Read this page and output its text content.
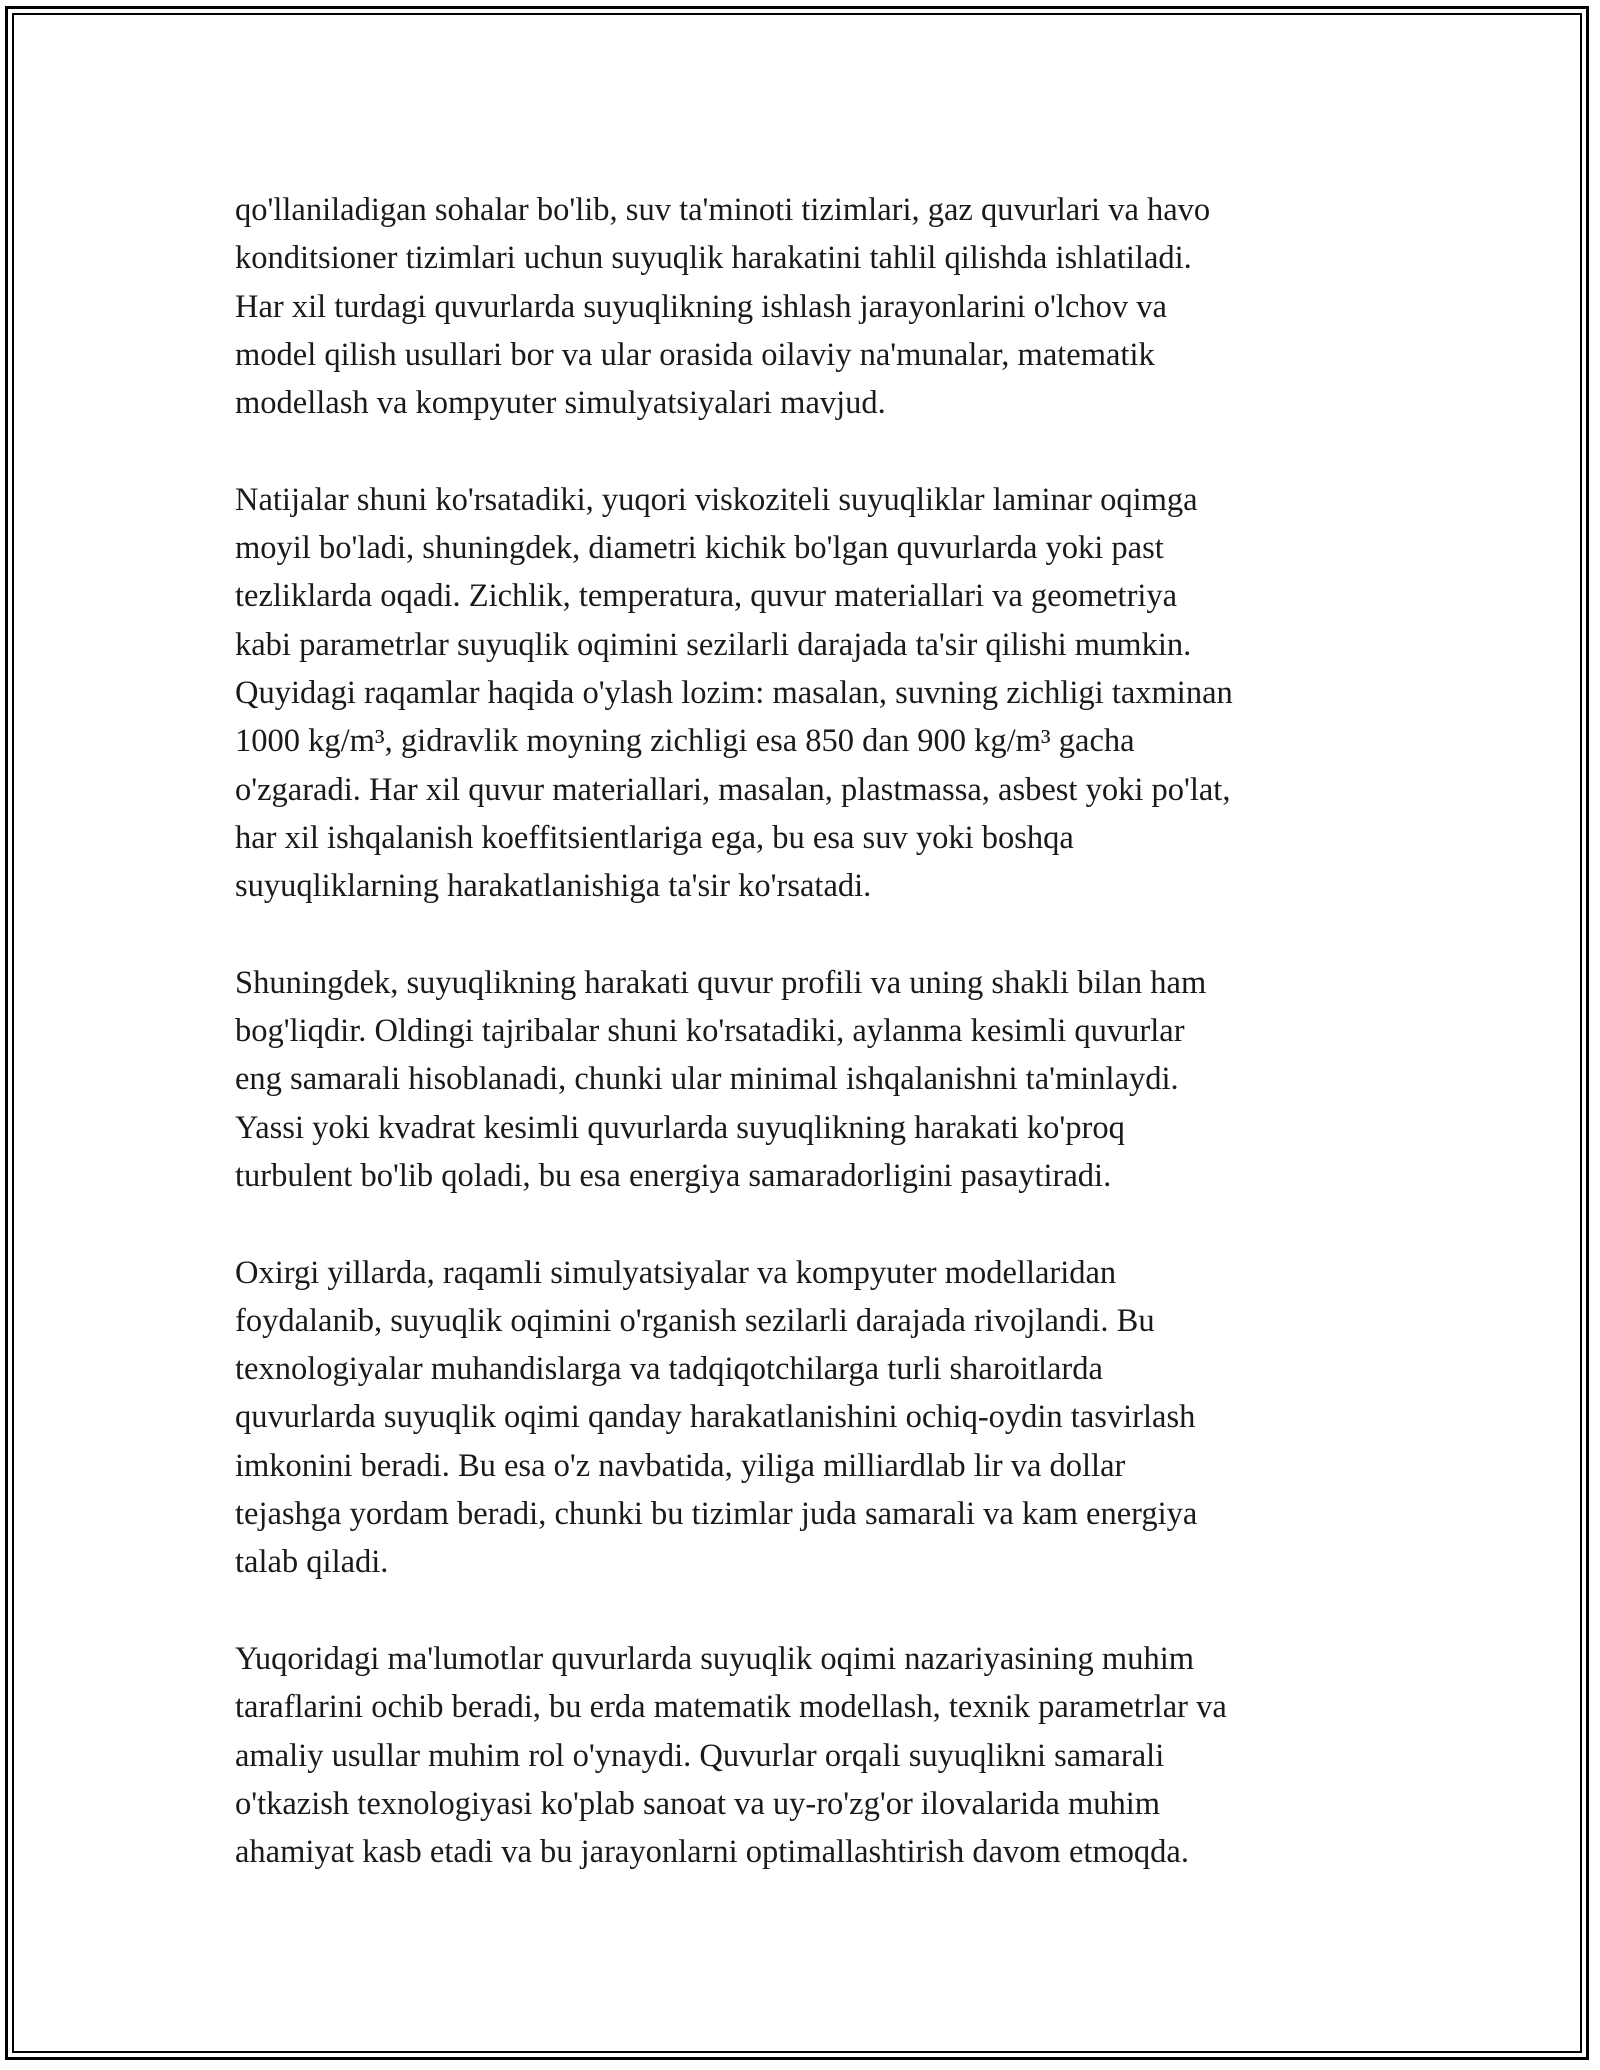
qo'llaniladigan sohalar bo'lib, suv ta'minoti tizimlari, gaz quvurlari va havo
konditsioner tizimlari uchun suyuqlik harakatini tahlil qilishda ishlatiladi.
Har xil turdagi quvurlarda suyuqlikning ishlash jarayonlarini o'lchov va
model qilish usullari bor va ular orasida oilaviy na'munalar, matematik
modellash va kompyuter simulyatsiyalari mavjud.

Natijalar shuni ko'rsatadiki, yuqori viskoziteli suyuqliklar laminar oqimga
moyil bo'ladi, shuningdek, diametri kichik bo'lgan quvurlarda yoki past
tezliklarda oqadi. Zichlik, temperatura, quvur materiallari va geometriya
kabi parametrlar suyuqlik oqimini sezilarli darajada ta'sir qilishi mumkin.
Quyidagi raqamlar haqida o'ylash lozim: masalan, suvning zichligi taxminan
1000 kg/m³, gidravlik moyning zichligi esa 850 dan 900 kg/m³ gacha
o'zgaradi. Har xil quvur materiallari, masalan, plastmassa, asbest yoki po'lat,
har xil ishqalanish koeffitsientlariga ega, bu esa suv yoki boshqa
suyuqliklarning harakatlanishiga ta'sir ko'rsatadi.

Shuningdek, suyuqlikning harakati quvur profili va uning shakli bilan ham
bog'liqdir. Oldingi tajribalar shuni ko'rsatadiki, aylanma kesimli quvurlar
eng samarali hisoblanadi, chunki ular minimal ishqalanishni ta'minlaydi.
Yassi yoki kvadrat kesimli quvurlarda suyuqlikning harakati ko'proq
turbulent bo'lib qoladi, bu esa energiya samaradorligini pasaytiradi.

Oxirgi yillarda, raqamli simulyatsiyalar va kompyuter modellaridan
foydalanib, suyuqlik oqimini o'rganish sezilarli darajada rivojlandi. Bu
texnologiyalar muhandislarga va tadqiqotchilarga turli sharoitlarda
quvurlarda suyuqlik oqimi qanday harakatlanishini ochiq-oydin tasvirlash
imkonini beradi. Bu esa o'z navbatida, yiliga milliardlab lir va dollar
tejashga yordam beradi, chunki bu tizimlar juda samarali va kam energiya
talab qiladi.

Yuqoridagi ma'lumotlar quvurlarda suyuqlik oqimi nazariyasining muhim
taraflarini ochib beradi, bu erda matematik modellash, texnik parametrlar va
amaliy usullar muhim rol o'ynaydi. Quvurlar orqali suyuqlikni samarali
o'tkazish texnologiyasi ko'plab sanoat va uy-ro'zg'or ilovalarida muhim
ahamiyat kasb etadi va bu jarayonlarni optimallashtirish davom etmoqda.
